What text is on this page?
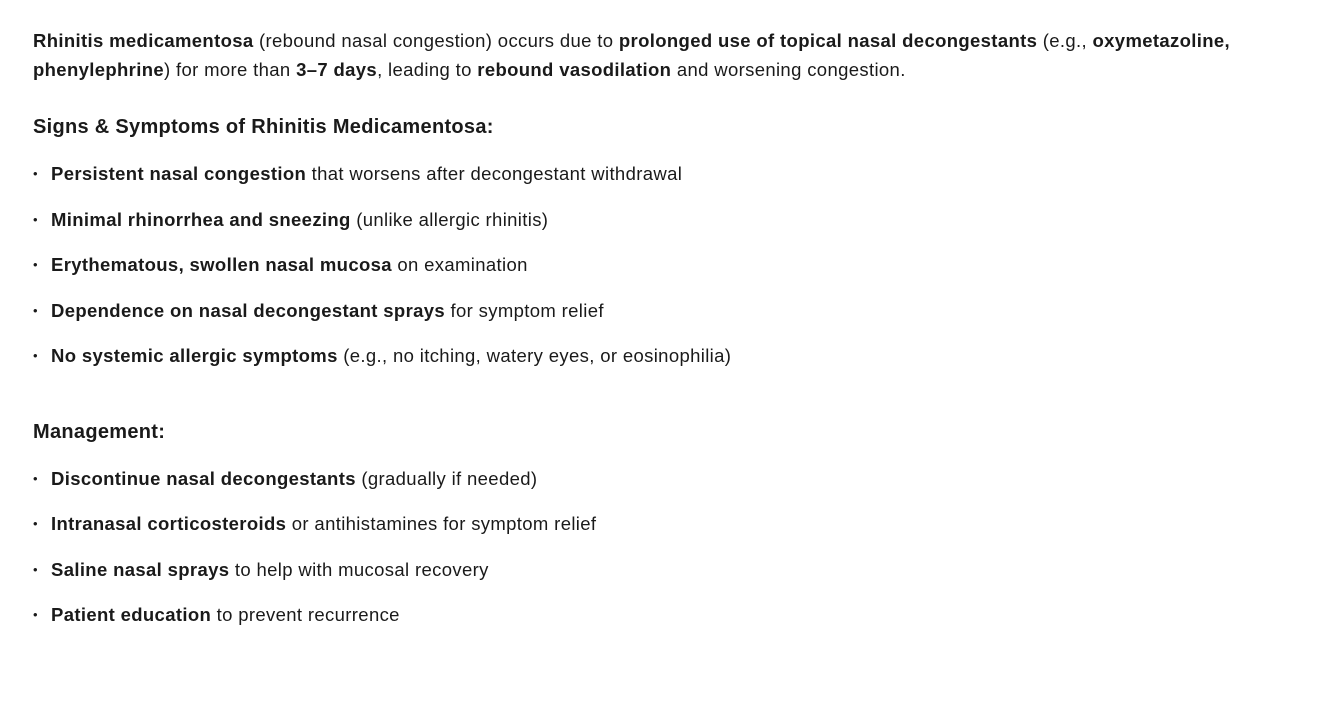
Rhinitis medicamentosa (rebound nasal congestion) occurs due to prolonged use of topical nasal decongestants (e.g., oxymetazoline, phenylephrine) for more than 3–7 days, leading to rebound vasodilation and worsening congestion.

Signs & Symptoms of Rhinitis Medicamentosa:
• Persistent nasal congestion that worsens after decongestant withdrawal
• Minimal rhinorrhea and sneezing (unlike allergic rhinitis)
• Erythematous, swollen nasal mucosa on examination
• Dependence on nasal decongestant sprays for symptom relief
• No systemic allergic symptoms (e.g., no itching, watery eyes, or eosinophilia)
Management:
• Discontinue nasal decongestants (gradually if needed)
• Intranasal corticosteroids or antihistamines for symptom relief
• Saline nasal sprays to help with mucosal recovery
• Patient education to prevent recurrence
